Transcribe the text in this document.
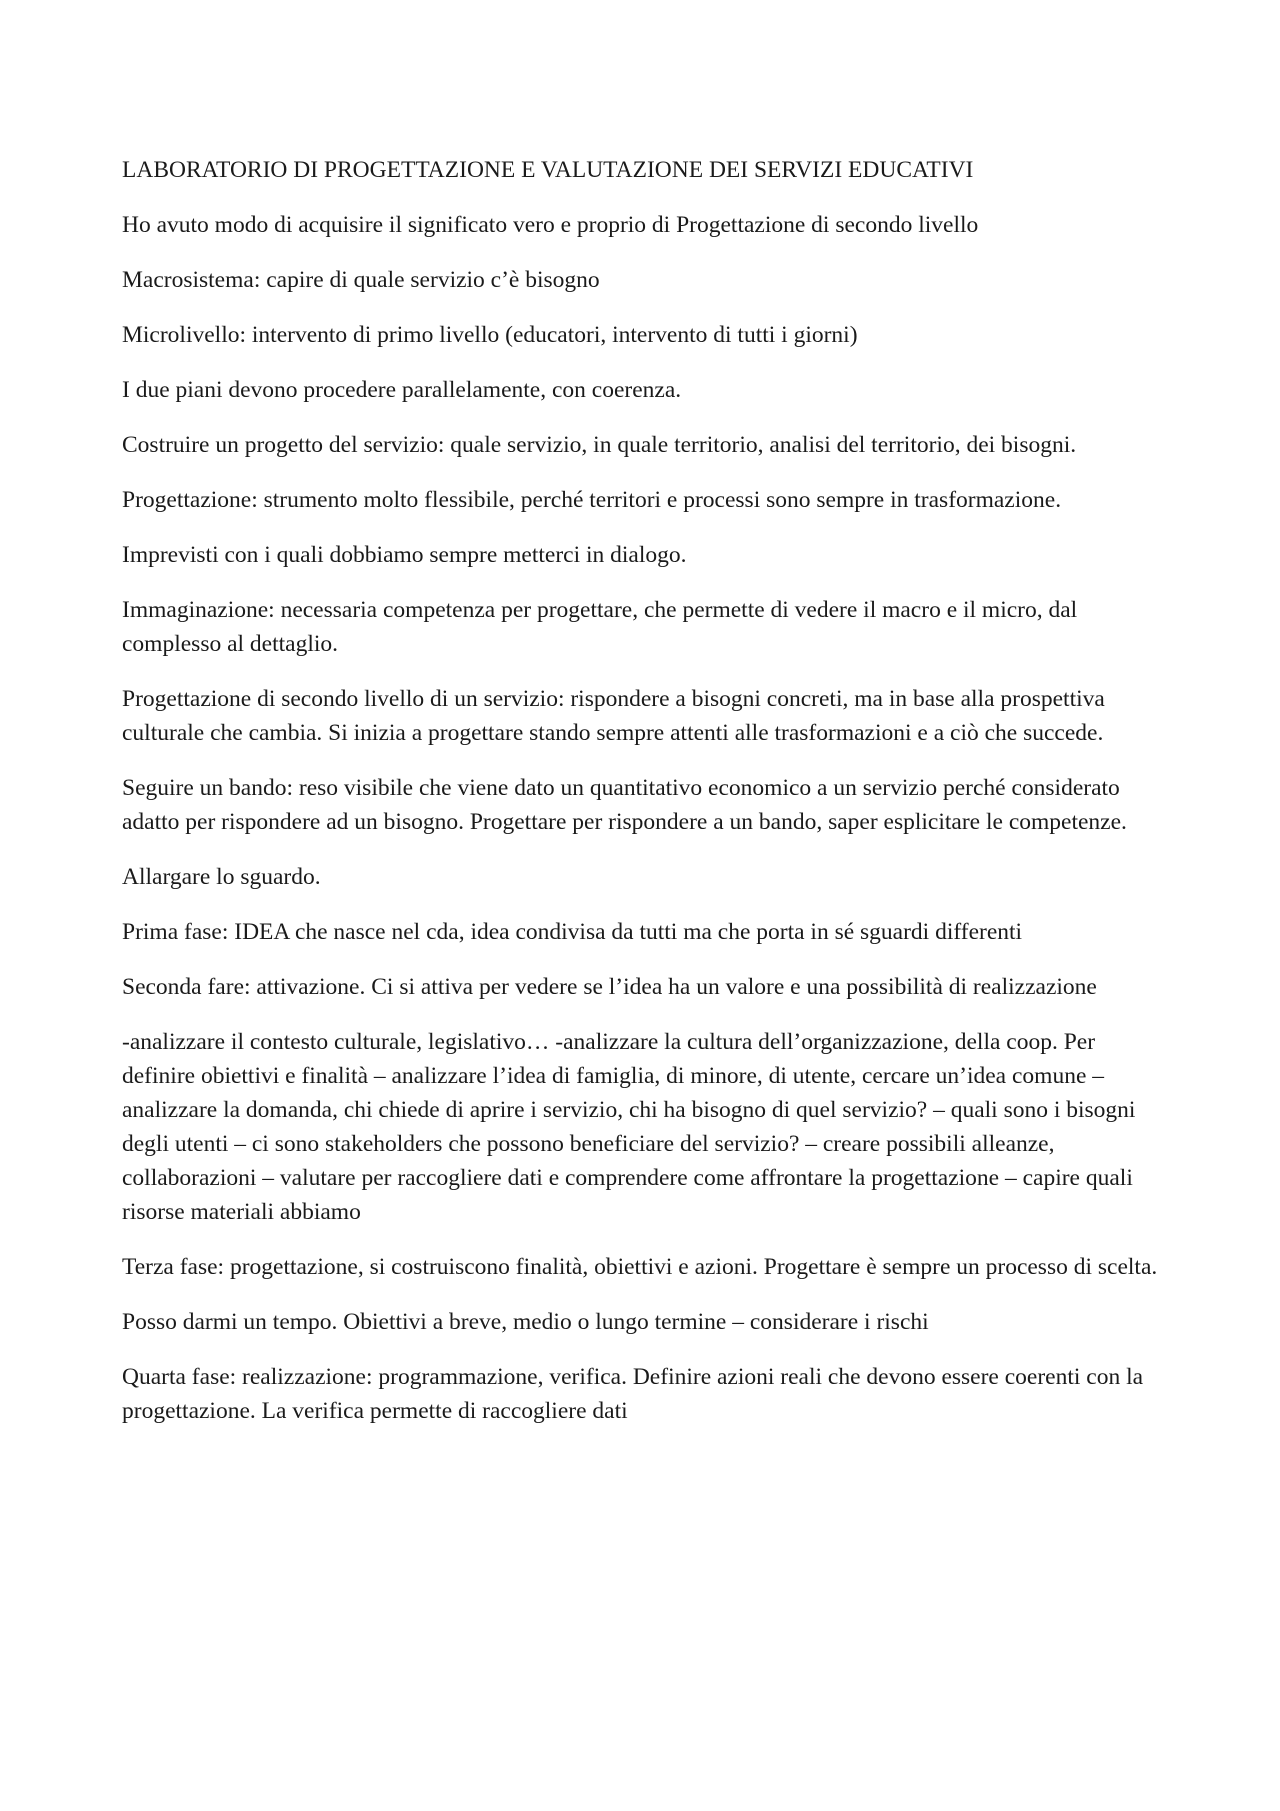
LABORATORIO DI PROGETTAZIONE E VALUTAZIONE DEI SERVIZI EDUCATIVI

Ho avuto modo di acquisire il significato vero e proprio di Progettazione di secondo livello

Macrosistema: capire di quale servizio c’è bisogno

Microlivello: intervento di primo livello (educatori, intervento di tutti i giorni)

I due piani devono procedere parallelamente, con coerenza.

Costruire un progetto del servizio: quale servizio, in quale territorio, analisi del territorio, dei bisogni.

Progettazione: strumento molto flessibile, perché territori e processi sono sempre in trasformazione.

Imprevisti con i quali dobbiamo sempre metterci in dialogo.

Immaginazione: necessaria competenza per progettare, che permette di vedere il macro e il micro, dal complesso al dettaglio.

Progettazione di secondo livello di un servizio: rispondere a bisogni concreti, ma in base alla prospettiva culturale che cambia. Si inizia a progettare stando sempre attenti alle trasformazioni e a ciò che succede.

Seguire un bando: reso visibile che viene dato un quantitativo economico a un servizio perché considerato adatto per rispondere ad un bisogno. Progettare per rispondere a un bando, saper esplicitare le competenze.

Allargare lo sguardo.

Prima fase: IDEA che nasce nel cda, idea condivisa da tutti ma che porta in sé sguardi differenti

Seconda fare: attivazione. Ci si attiva per vedere se l’idea ha un valore e una possibilità di realizzazione

-analizzare il contesto culturale, legislativo… -analizzare la cultura dell’organizzazione, della coop. Per definire obiettivi e finalità – analizzare l’idea di famiglia, di minore, di utente, cercare un’idea comune – analizzare la domanda, chi chiede di aprire i servizio, chi ha bisogno di quel servizio? – quali sono i bisogni degli utenti – ci sono stakeholders che possono beneficiare del servizio? – creare possibili alleanze, collaborazioni – valutare per raccogliere dati e comprendere come affrontare la progettazione – capire quali risorse materiali abbiamo

Terza fase: progettazione, si costruiscono finalità, obiettivi e azioni. Progettare è sempre un processo di scelta.

Posso darmi un tempo. Obiettivi a breve, medio o lungo termine – considerare i rischi

Quarta fase: realizzazione: programmazione, verifica. Definire azioni reali che devono essere coerenti con la progettazione. La verifica permette di raccogliere dati
